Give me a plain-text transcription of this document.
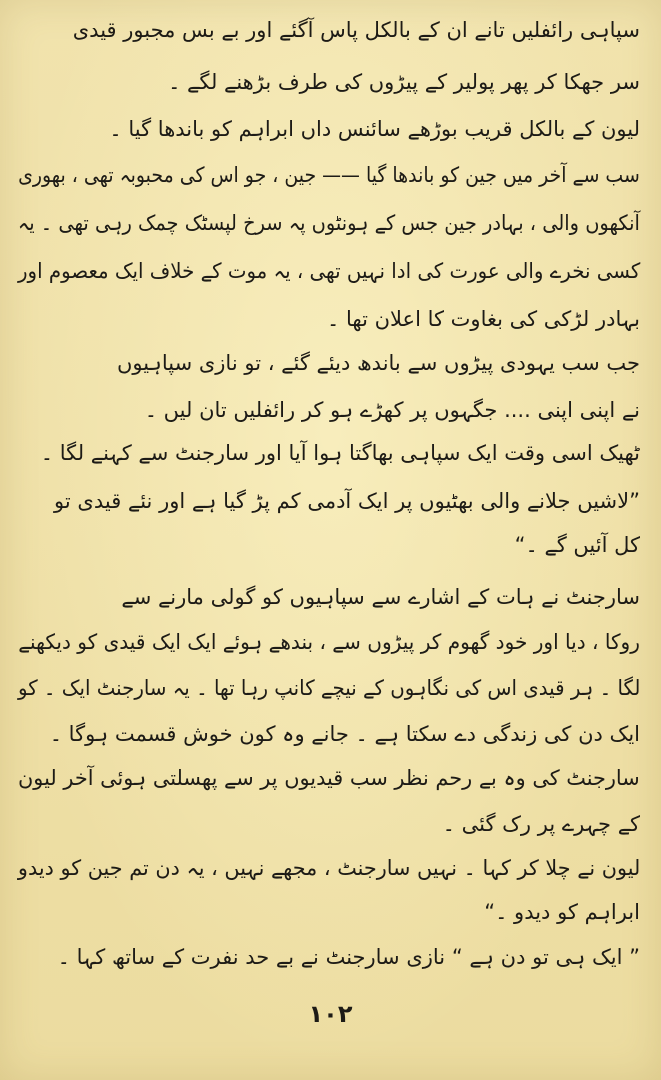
سپاہی رائفلیں تانے ان کے بالکل پاس آگئے اور بے بس مجبور قیدی
سر جھکا کر پھر پولیر کے پیڑوں کی طرف بڑھنے لگے ۔
لیون کے بالکل قریب بوڑھے سائنس داں ابراہم کو باندھا گیا ۔
سب سے آخر میں جین کو باندھا گیا —— جین ، جو اس کی محبوبہ تھی ، بھوری
آنکھوں والی ، بہادر جین جس کے ہونٹوں پہ سرخ لپسٹک چمک رہی تھی ۔ یہ
کسی نخرے والی عورت کی ادا نہیں تھی ، یہ موت کے خلاف ایک معصوم اور
بہادر لڑکی کی بغاوت کا اعلان تھا ۔
جب سب یہودی پیڑوں سے باندھ دیئے گئے ، تو نازی سپاہیوں
نے اپنی اپنی .... جگہوں پر کھڑے ہو کر رائفلیں تان لیں ۔
ٹھیک اسی وقت ایک سپاہی بھاگتا ہوا آیا اور سارجنٹ سے کہنے لگا ۔
”لاشیں جلانے والی بھٹیوں پر ایک آدمی کم پڑ گیا ہے اور نئے قیدی تو
کل آئیں گے ۔“
سارجنٹ نے ہات کے اشارے سے سپاہیوں کو گولی مارنے سے
روکا ، دیا اور خود گھوم کر پیڑوں سے ، بندھے ہوئے ایک ایک قیدی کو دیکھنے
لگا ۔ ہر قیدی اس کی نگاہوں کے نیچے کانپ رہا تھا ۔ یہ سارجنٹ ایک ۔ کو
ایک دن کی زندگی دے سکتا ہے ۔ جانے وہ کون خوش قسمت ہوگا ۔
سارجنٹ کی وہ بے رحم نظر سب قیدیوں پر سے پھسلتی ہوئی آخر لیون
کے چہرے پر رک گئی ۔
لیون نے چلا کر کہا ۔ نہیں سارجنٹ ، مجھے نہیں ، یہ دن تم جین کو دیدو
ابراہم کو دیدو ۔“
” ایک ہی تو دن ہے “ نازی سارجنٹ نے بے حد نفرت کے ساتھ کہا ۔
۱۰۲
